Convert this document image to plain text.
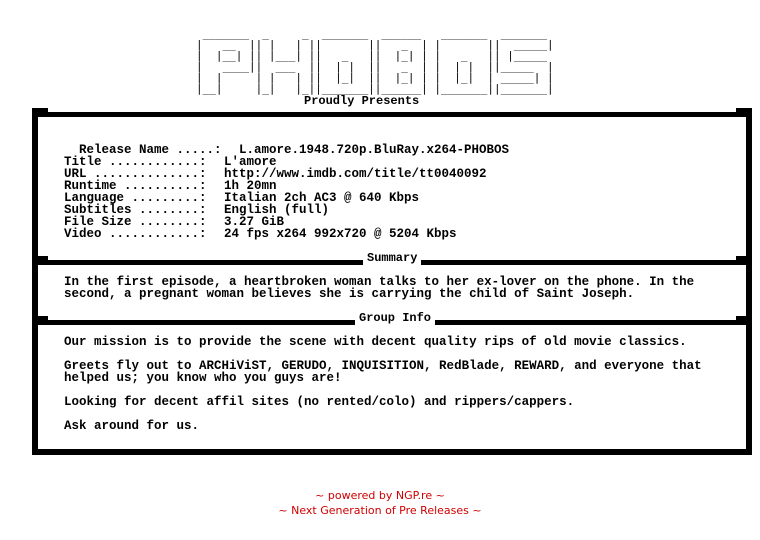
_______  _     _  _______  ______   _______  _______
|   __  || |   | ||       ||   _  | |       ||  _____|
|  |__| || |___| ||   _   ||  |_| | |   _   || |_____
|   ____||  ___  ||  | |  ||   _  | |  | |  ||_____  |
|  |     | |   | ||  |_|  ||  |_| | |  |_|  | _____| |
|__|     |_|   |_||_______||______| |_______||_______|
Proudly Presents

Release Name .....: L.amore.1948.720p.BluRay.x264-PHOBOS

Title ............: L'amore
URL ..............: http://www.imdb.com/title/tt0040092
Runtime ..........: 1h 20mn
Language .........: Italian 2ch AC3 @ 640 Kbps
Subtitles ........: English (full)
File Size ........: 3.27 GiB
Video ............: 24 fps x264 992x720 @ 5204 Kbps
Summary
In the first episode, a heartbroken woman talks to her ex-lover on the phone. In the second, a pregnant woman believes she is carrying the child of Saint Joseph.
Group Info
Our mission is to provide the scene with decent quality rips of old movie classics.
Greets fly out to ARCHiViST, GERUDO, INQUISITION, RedBlade, REWARD, and everyone that helped us; you know who you guys are!
Looking for decent affil sites (no rented/colo) and rippers/cappers.
Ask around for us.
~ powered by NGP.re ~
~ Next Generation of Pre Releases ~
